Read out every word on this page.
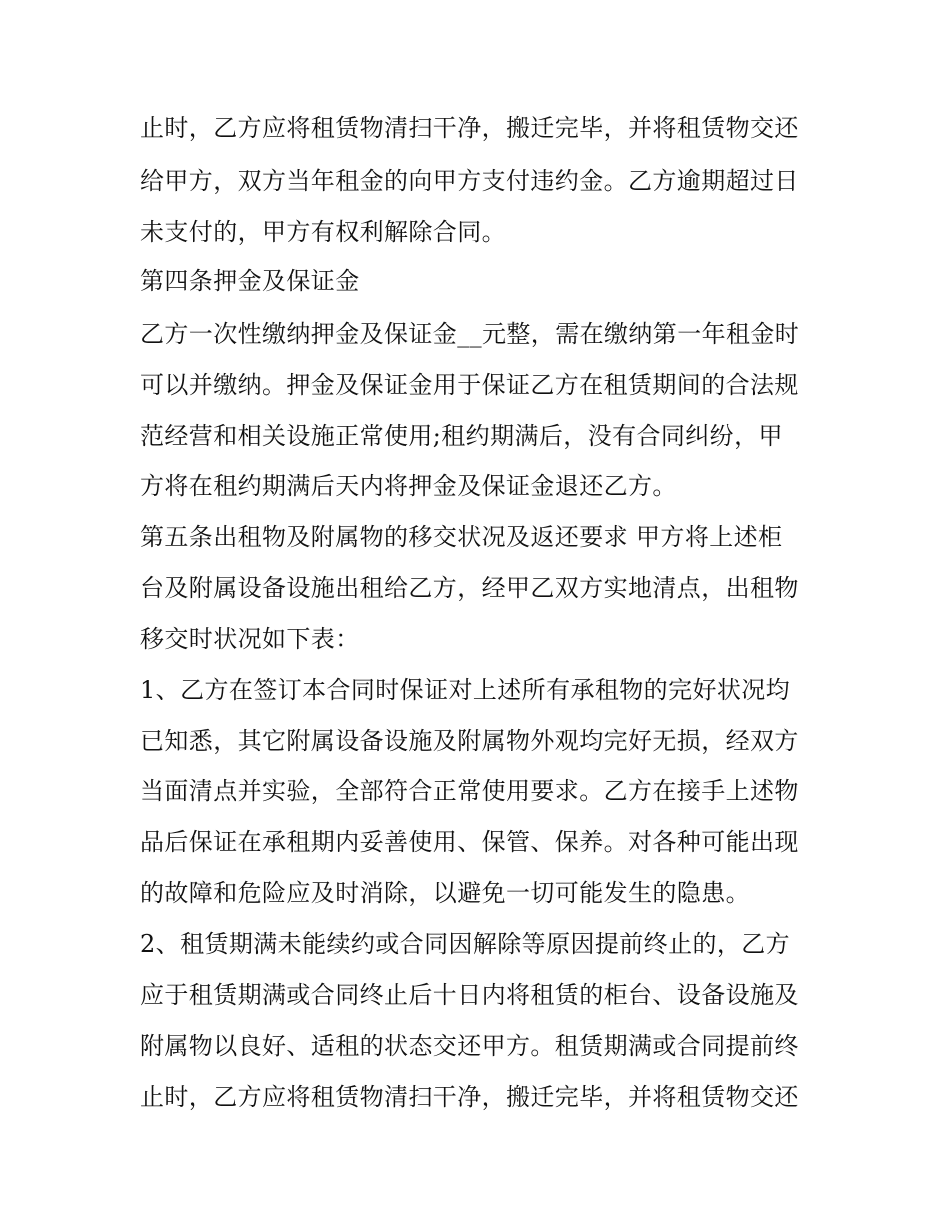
止时，乙方应将租赁物清扫干净，搬迁完毕，并将租赁物交还
给甲方，双方当年租金的向甲方支付违约金。乙方逾期超过日
未支付的，甲方有权利解除合同。
第四条押金及保证金
乙方一次性缴纳押金及保证金__元整，需在缴纳第一年租金时
可以并缴纳。押金及保证金用于保证乙方在租赁期间的合法规
范经营和相关设施正常使用;租约期满后，没有合同纠纷，甲
方将在租约期满后天内将押金及保证金退还乙方。
第五条出租物及附属物的移交状况及返还要求 甲方将上述柜
台及附属设备设施出租给乙方，经甲乙双方实地清点，出租物
移交时状况如下表：
1、乙方在签订本合同时保证对上述所有承租物的完好状况均
已知悉，其它附属设备设施及附属物外观均完好无损，经双方
当面清点并实验，全部符合正常使用要求。乙方在接手上述物
品后保证在承租期内妥善使用、保管、保养。对各种可能出现
的故障和危险应及时消除，以避免一切可能发生的隐患。
2、租赁期满未能续约或合同因解除等原因提前终止的，乙方
应于租赁期满或合同终止后十日内将租赁的柜台、设备设施及
附属物以良好、适租的状态交还甲方。租赁期满或合同提前终
止时，乙方应将租赁物清扫干净，搬迁完毕，并将租赁物交还
